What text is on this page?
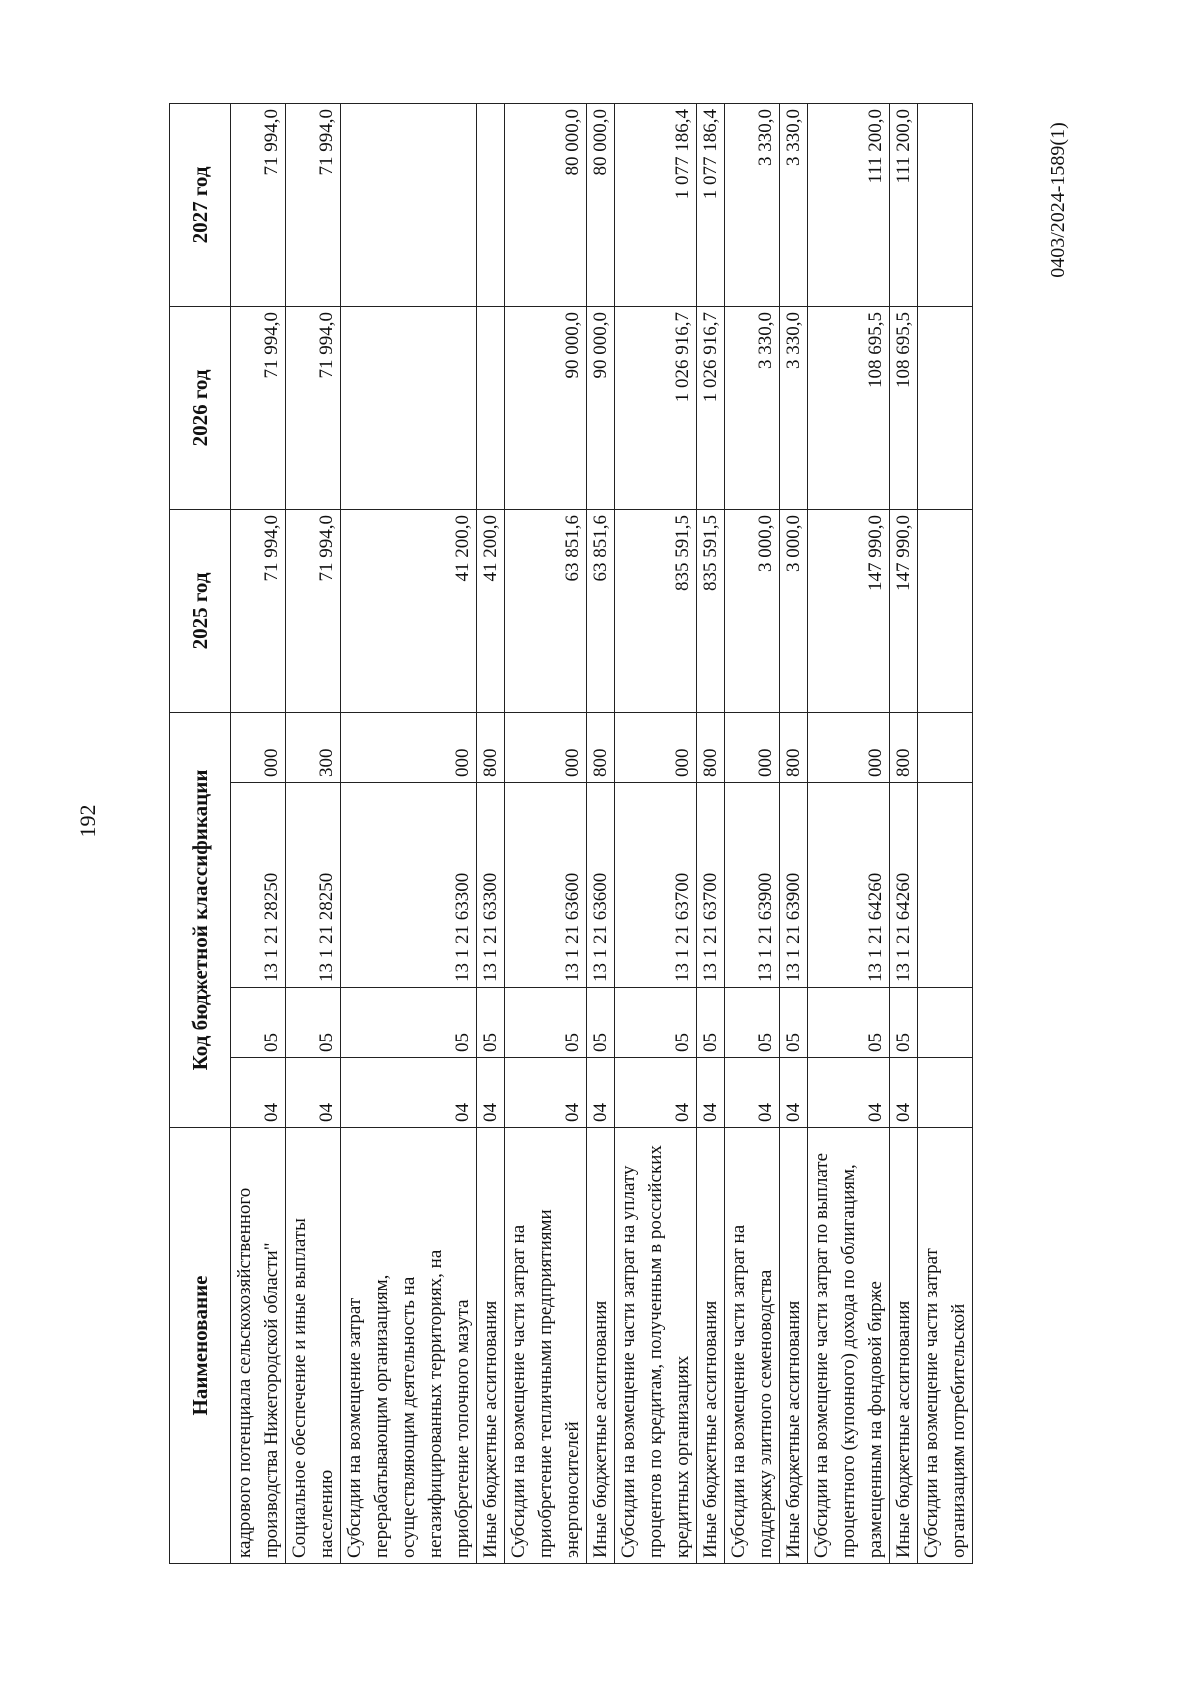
192
Наименование	Код бюджетной классификации				2025 год	2026 год	2027 год
кадрового потенциала сельскохозяйственного производства Нижегородской области"	04	05	13 1 21 28250	000	71 994,0	71 994,0	71 994,0
Социальное обеспечение и иные выплаты населению	04	05	13 1 21 28250	300	71 994,0	71 994,0	71 994,0
Субсидии на возмещение затрат перерабатывающим организациям, осуществляющим деятельность на негазифицированных территориях, на приобретение топочного мазута	04	05	13 1 21 63300	000	41 200,0		
Иные бюджетные ассигнования	04	05	13 1 21 63300	800	41 200,0		
Субсидии на возмещение части затрат на приобретение тепличными предприятиями энергоносителей	04	05	13 1 21 63600	000	63 851,6	90 000,0	80 000,0
Иные бюджетные ассигнования	04	05	13 1 21 63600	800	63 851,6	90 000,0	80 000,0
Субсидии на возмещение части затрат на уплату процентов по кредитам, полученным в российских кредитных организациях	04	05	13 1 21 63700	000	835 591,5	1 026 916,7	1 077 186,4
Иные бюджетные ассигнования	04	05	13 1 21 63700	800	835 591,5	1 026 916,7	1 077 186,4
Субсидии на возмещение части затрат на поддержку элитного семеноводства	04	05	13 1 21 63900	000	3 000,0	3 330,0	3 330,0
Иные бюджетные ассигнования	04	05	13 1 21 63900	800	3 000,0	3 330,0	3 330,0
Субсидии на возмещение части затрат по выплате процентного (купонного) дохода по облигациям, размещенным на фондовой бирже	04	05	13 1 21 64260	000	147 990,0	108 695,5	111 200,0
Иные бюджетные ассигнования	04	05	13 1 21 64260	800	147 990,0	108 695,5	111 200,0
Субсидии на возмещение части затрат организациям потребительской							
0403/2024-1589(1)
